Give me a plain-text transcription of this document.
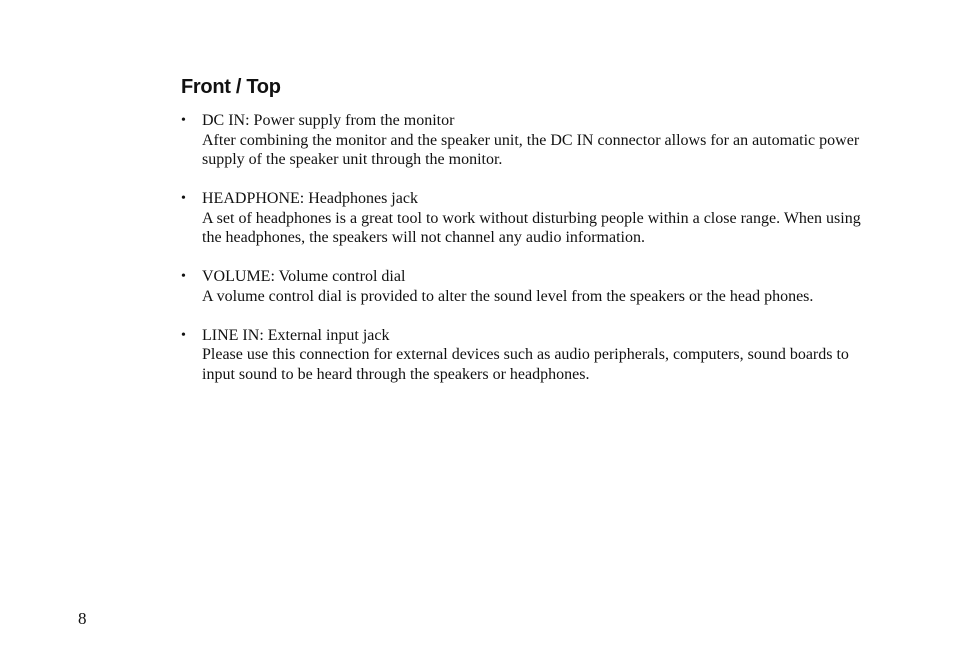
Front / Top
• DC IN: Power supply from the monitor
After combining the monitor and the speaker unit, the DC IN connector allows for an automatic power supply of the speaker unit through the monitor.
• HEADPHONE: Headphones jack
A set of headphones is a great tool to work without disturbing people within a close range. When using the headphones, the speakers will not channel any audio information.
• VOLUME: Volume control dial
A volume control dial is provided to alter the sound level from the speakers or the head phones.
• LINE IN: External input jack
Please use this connection for external devices such as audio peripherals, computers, sound boards to input sound to be heard through the speakers or headphones.
8
